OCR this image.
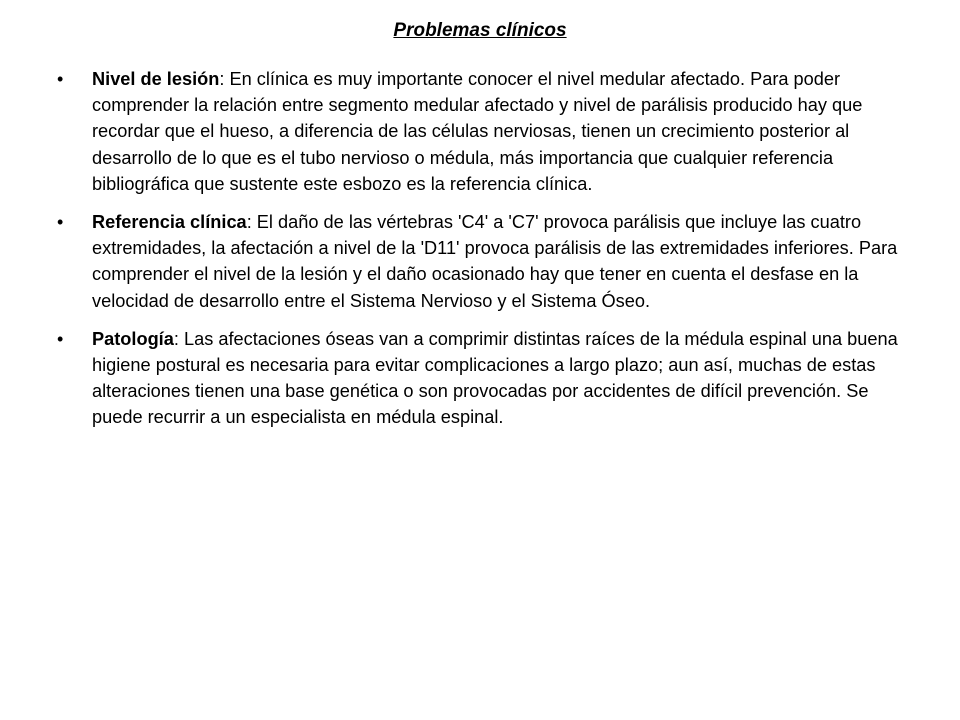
Problemas clínicos
•	Nivel de lesión: En clínica es muy importante conocer el nivel medular afectado. Para poder comprender la relación entre segmento medular afectado y nivel de parálisis producido hay que recordar que el hueso, a diferencia de las células nerviosas, tienen un crecimiento posterior al desarrollo de lo que es el tubo nervioso o médula, más importancia que cualquier referencia bibliográfica que sustente este esbozo es la referencia clínica.
•	Referencia clínica: El daño de las vértebras 'C4' a 'C7' provoca parálisis que incluye las cuatro extremidades, la afectación a nivel de la 'D11' provoca parálisis de las extremidades inferiores. Para comprender el nivel de la lesión y el daño ocasionado hay que tener en cuenta el desfase en la velocidad de desarrollo entre el Sistema Nervioso y el Sistema Óseo.
•	Patología: Las afectaciones óseas van a comprimir distintas raíces de la médula espinal una buena higiene postural es necesaria para evitar complicaciones a largo plazo; aun así, muchas de estas alteraciones tienen una base genética o son provocadas por accidentes de difícil prevención. Se puede recurrir a un especialista en médula espinal.
